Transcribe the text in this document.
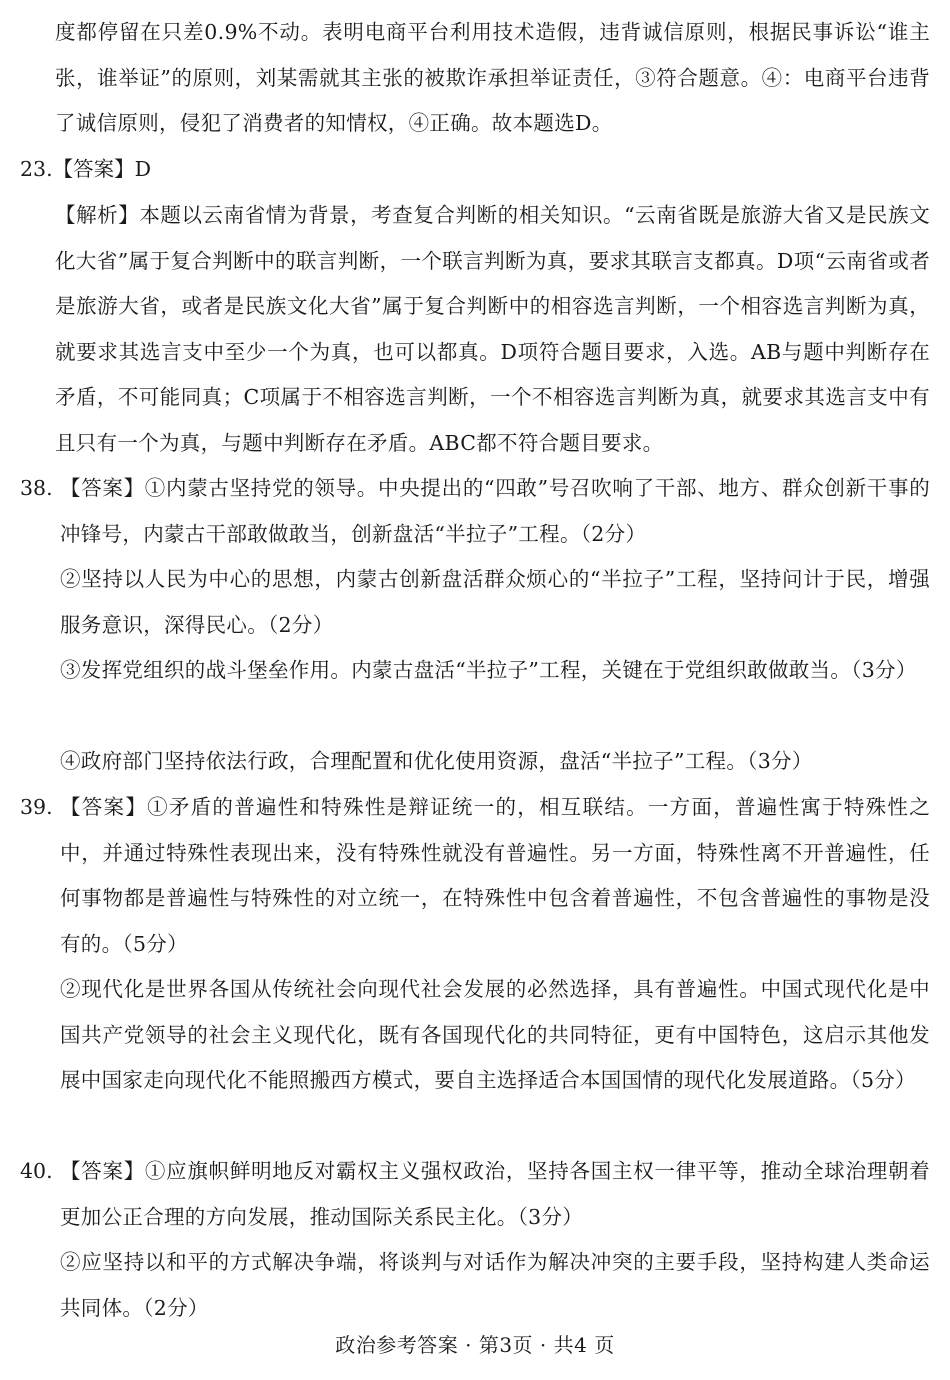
度都停留在只差0.9%不动。表明电商平台利用技术造假，违背诚信原则，根据民事诉讼“谁主张，谁举证”的原则，刘某需就其主张的被欺诈承担举证责任，③符合题意。④：电商平台违背了诚信原则，侵犯了消费者的知情权，④正确。故本题选D。

23.【答案】D

【解析】本题以云南省情为背景，考查复合判断的相关知识。“云南省既是旅游大省又是民族文化大省”属于复合判断中的联言判断，一个联言判断为真，要求其联言支都真。D项“云南省或者是旅游大省，或者是民族文化大省”属于复合判断中的相容选言判断，一个相容选言判断为真，就要求其选言支中至少一个为真，也可以都真。D项符合题目要求，入选。AB与题中判断存在矛盾，不可能同真；C项属于不相容选言判断，一个不相容选言判断为真，就要求其选言支中有且只有一个为真，与题中判断存在矛盾。ABC都不符合题目要求。

38. 【答案】①内蒙古坚持党的领导。中央提出的“四敢”号召吹响了干部、地方、群众创新干事的冲锋号，内蒙古干部敢做敢当，创新盘活“半拉子”工程。（2分）

②坚持以人民为中心的思想，内蒙古创新盘活群众烦心的“半拉子”工程，坚持问计于民，增强服务意识，深得民心。（2分）

③发挥党组织的战斗堡垒作用。内蒙古盘活“半拉子”工程，关键在于党组织敢做敢当。（3分）

④政府部门坚持依法行政，合理配置和优化使用资源，盘活“半拉子”工程。（3分）

39. 【答案】①矛盾的普遍性和特殊性是辩证统一的，相互联结。一方面，普遍性寓于特殊性之中，并通过特殊性表现出来，没有特殊性就没有普遍性。另一方面，特殊性离不开普遍性，任何事物都是普遍性与特殊性的对立统一，在特殊性中包含着普遍性，不包含普遍性的事物是没有的。（5分）

②现代化是世界各国从传统社会向现代社会发展的必然选择，具有普遍性。中国式现代化是中国共产党领导的社会主义现代化，既有各国现代化的共同特征，更有中国特色，这启示其他发展中国家走向现代化不能照搬西方模式，要自主选择适合本国国情的现代化发展道路。（5分）

40. 【答案】①应旗帜鲜明地反对霸权主义强权政治，坚持各国主权一律平等，推动全球治理朝着更加公正合理的方向发展，推动国际关系民主化。（3分）

②应坚持以和平的方式解决争端，将谈判与对话作为解决冲突的主要手段，坚持构建人类命运共同体。（2分）

政治参考答案 · 第3页 · 共4 页
